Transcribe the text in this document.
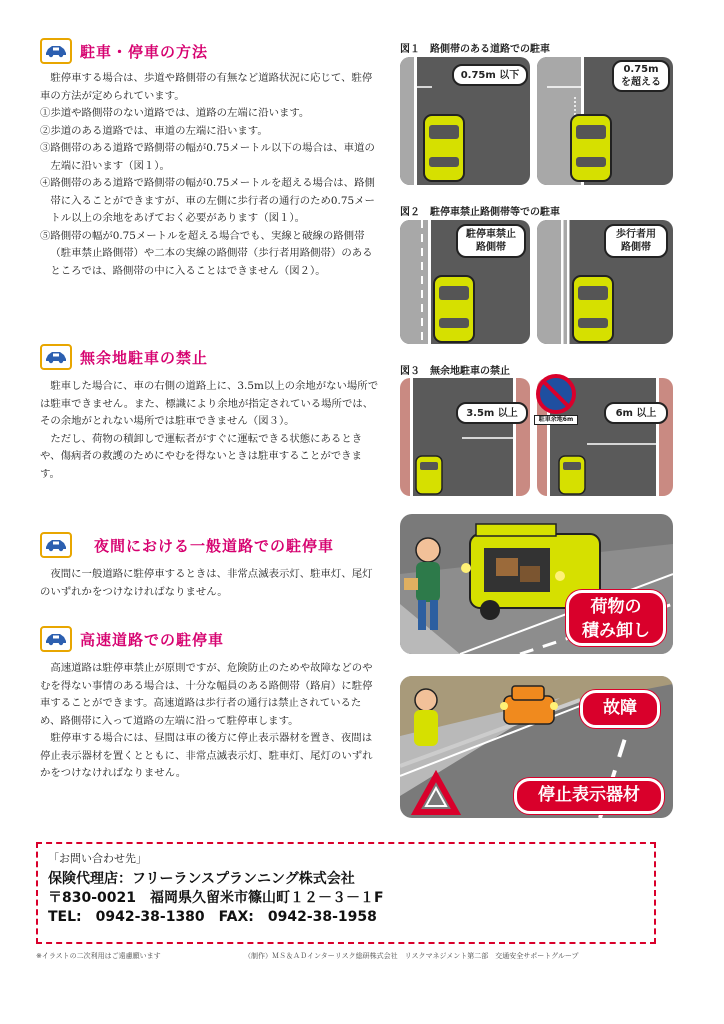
駐車・停車の方法

駐停車する場合は、歩道や路側帯の有無など道路状況に応じて、駐停車の方法が定められています。

①歩道や路側帯のない道路では、道路の左端に沿います。

②歩道のある道路では、車道の左端に沿います。

③路側帯のある道路で路側帯の幅が0.75メートル以下の場合は、車道の左端に沿います（図１）。

④路側帯のある道路で路側帯の幅が0.75メートルを超える場合は、路側帯に入ることができますが、車の左側に歩行者の通行のため0.75メートル以上の余地をあげておく必要があります（図１）。

⑤路側帯の幅が0.75メートルを超える場合でも、実線と破線の路側帯（駐車禁止路側帯）や二本の実線の路側帯（歩行者用路側帯）のあるところでは、路側帯の中に入ることはできません（図２）。

無余地駐車の禁止

駐車した場合に、車の右側の道路上に、3.5m以上の余地がない場所では駐車できません。また、標識により余地が指定されている場所では、その余地がとれない場所では駐車できません（図３）。

ただし、荷物の積卸しで運転者がすぐに運転できる状態にあるときや、傷病者の救護のためにやむを得ないときは駐車することができます。

夜間における一般道路での駐停車

夜間に一般道路に駐停車するときは、非常点滅表示灯、駐車灯、尾灯のいずれかをつけなければなりません。

高速道路での駐停車

高速道路は駐停車禁止が原則ですが、危険防止のためや故障などのやむを得ない事情のある場合は、十分な幅員のある路側帯（路肩）に駐停車することができます。高速道路は歩行者の通行は禁止されているため、路側帯に入って道路の左端に沿って駐停車します。

駐停車する場合には、昼間は車の後方に停止表示器材を置き、夜間は停止表示器材を置くとともに、非常点滅表示灯、駐車灯、尾灯のいずれかをつけなければなりません。

図１　路側帯のある道路での駐車
0.75m 以下	0.75m
を超える
図２　駐停車禁止路側帯等での駐車
駐停車禁止
路側帯
歩行者用
路側帯
図３　無余地駐車の禁止
3.5m 以上
駐車余地6m
6m 以上
荷物の
積み卸し
故障
停止表示器材
「お問い合わせ先」
保険代理店：フリーランスプランニング株式会社
〒830-0021　福岡県久留米市篠山町１２－３－１F
TEL:　0942-38-1380　FAX:　0942-38-1958
※イラストの二次利用はご遠慮願います	（制作）ＭＳ＆ＡＤインターリスク総研株式会社　リスクマネジメント第二部　交通安全サポートグループ
